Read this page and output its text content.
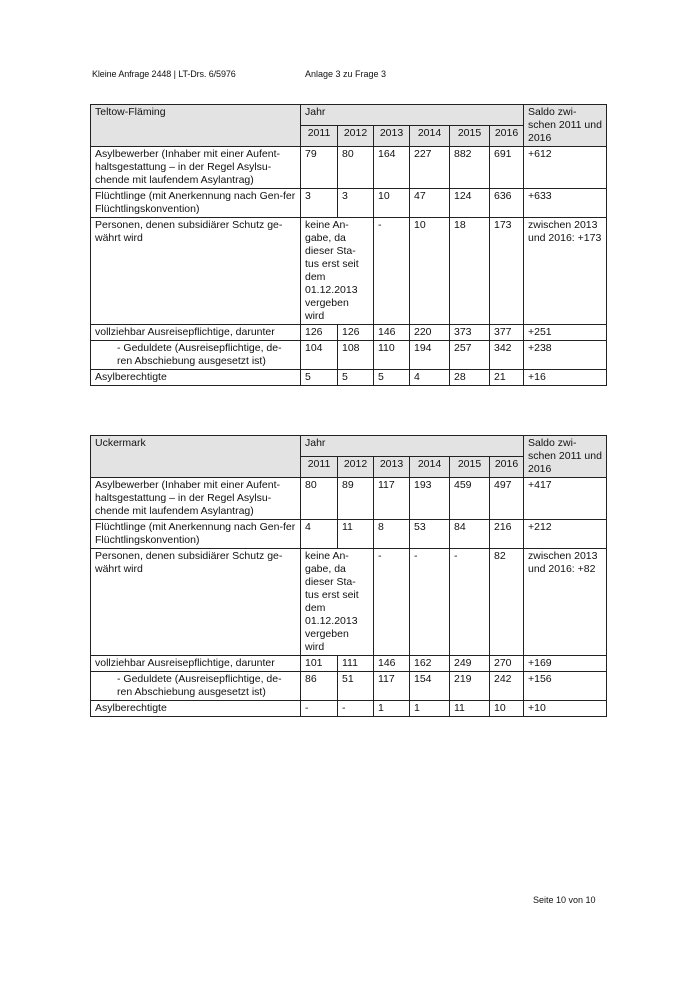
Kleine Anfrage 2448 | LT-Drs. 6/5976	Anlage 3 zu Frage 3
Teltow-Fläming	Jahr						Saldo zwi-schen 2011 und 2016
	2011	2012	2013	2014	2015	2016	
Asylbewerber (Inhaber mit einer Aufent-haltsgestattung – in der Regel Asylsu-chende mit laufendem Asylantrag)	79	80	164	227	882	691	+612
Flüchtlinge (mit Anerkennung nach Gen-fer Flüchtlingskonvention)	3	3	10	47	124	636	+633
Personen, denen subsidiärer Schutz ge-währt wird	keine An-gabe, da dieser Sta-tus erst seit dem 01.12.2013 vergeben wird		-	10	18	173	zwischen 2013 und 2016: +173
vollziehbar Ausreisepflichtige, darunter	126	126	146	220	373	377	+251
- Geduldete (Ausreisepflichtige, de-ren Abschiebung ausgesetzt ist)	104	108	110	194	257	342	+238
Asylberechtigte	5	5	5	4	28	21	+16
Uckermark	Jahr						Saldo zwi-schen 2011 und 2016
	2011	2012	2013	2014	2015	2016	
Asylbewerber (Inhaber mit einer Aufent-haltsgestattung – in der Regel Asylsu-chende mit laufendem Asylantrag)	80	89	117	193	459	497	+417
Flüchtlinge (mit Anerkennung nach Gen-fer Flüchtlingskonvention)	4	11	8	53	84	216	+212
Personen, denen subsidiärer Schutz ge-währt wird	keine An-gabe, da dieser Sta-tus erst seit dem 01.12.2013 vergeben wird		-	-	-	82	zwischen 2013 und 2016: +82
vollziehbar Ausreisepflichtige, darunter	101	111	146	162	249	270	+169
- Geduldete (Ausreisepflichtige, de-ren Abschiebung ausgesetzt ist)	86	51	117	154	219	242	+156
Asylberechtigte	-	-	1	1	11	10	+10
Seite 10 von 10
